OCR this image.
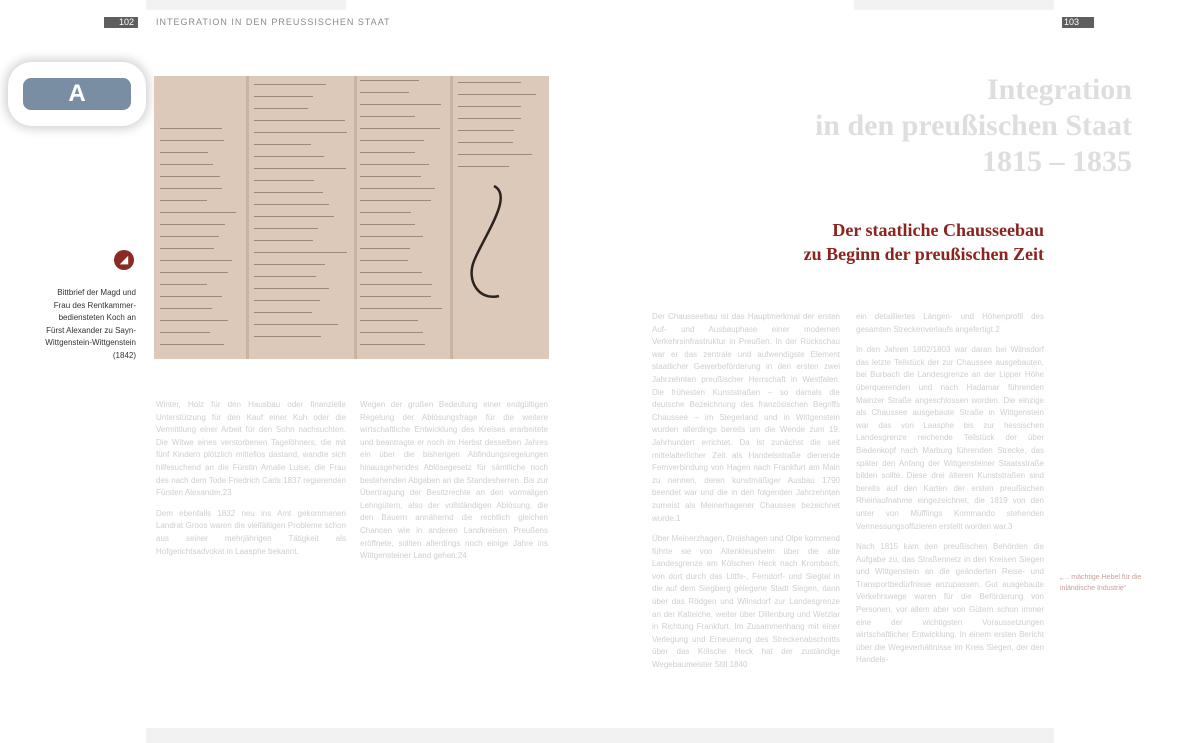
102	103
INTEGRATION IN DEN PREUSSISCHEN STAAT
A
◢
Bittbrief der Magd und Frau des Rentkammer-bediensteten Koch an Fürst Alexander zu Sayn-Wittgenstein-Wittgenstein (1842)
Integration
in den preußischen Staat
1815 – 1835
Der staatliche Chausseebau
zu Beginn der preußischen Zeit

Winter, Holz für den Hausbau oder finanzielle Unterstützung für den Kauf einer Kuh oder die Vermittlung einer Arbeit für den Sohn nachsuchten. Die Witwe eines verstorbenen Tagelöhners, die mit fünf Kindern plötzlich mittellos dastand, wandte sich hilfesuchend an die Fürstin Amalie Luise, die Frau des nach dem Tode Friedrich Carls 1837 regierenden Fürsten Alexander.23

Dem ebenfalls 1832 neu ins Amt gekommenen Landrat Groos waren die vielfältigen Probleme schon aus seiner mehrjährigen Tätigkeit als Hofgerichtsadvokat in Laasphe bekannt.

Wegen der großen Bedeutung einer endgültigen Regelung der Ablösungsfrage für die weitere wirtschaftliche Entwicklung des Kreises erarbeitete und beantragte er noch im Herbst desselben Jahres ein über die bisherigen Abfindungsregelungen hinausgehendes Ablösegesetz für sämtliche noch bestehenden Abgaben an die Standesherren. Bis zur Übertragung der Besitzrechte an den vormaligen Lehngütern, also der vollständigen Ablösung, die den Bauern annähernd die rechtlich gleichen Chancen wie in anderen Landkreisen Preußens eröffnete, sollten allerdings noch einige Jahre ins Wittgensteiner Land gehen.24

Der Chausseebau ist das Hauptmerkmal der ersten Auf- und Ausbauphase einer modernen Verkehrsinfrastruktur in Preußen. In der Rückschau war er das zentrale und aufwendigste Element staatlicher Gewerbeförderung in den ersten zwei Jahrzehnten preußischer Herrschaft in Westfalen. Die frühesten Kunststraßen – so damals die deutsche Bezeichnung des französischen Begriffs Chaussee – im Siegerland und in Wittgenstein wurden allerdings bereits um die Wende zum 19. Jahrhundert errichtet. Da ist zunächst die seit mittelalterlicher Zeit als Handelsstraße dienende Fernverbindung von Hagen nach Frankfurt am Main zu nennen, deren kunstmäßiger Ausbau 1790 beendet war und die in den folgenden Jahrzehnten zumeist als Meinerhagener Chaussee bezeichnet wurde.1

Über Meinerzhagen, Drolshagen und Olpe kommend führte sie von Altenkleusheim über die alte Landesgrenze am Kölschen Heck nach Krombach, von dort durch das Littfe-, Ferndorf- und Siegtal in die auf dem Siegberg gelegene Stadt Siegen, dann über das Rödgen und Wilnsdorf zur Landesgrenze an der Kalteiche, weiter über Dillenburg und Wetzlar in Richtung Frankfurt. Im Zusammenhang mit einer Verlegung und Erneuerung des Streckenabschnitts über das Kölsche Heck hat der zuständige Wegebaumeister Still 1840

ein detailliertes Längen- und Höhenprofil des gesamten Streckenverlaufs angefertigt.2

In den Jahren 1802/1803 war daran bei Wilnsdorf das letzte Teilstück der zur Chaussee ausgebauten, bei Burbach die Landesgrenze an der Lipper Höhe überquerenden und nach Hadamar führenden Mainzer Straße angeschlossen worden. Die einzige als Chaussee ausgebaute Straße in Wittgenstein war das von Laasphe bis zur hessischen Landesgrenze reichende Teilstück der über Biedenkopf nach Marburg führenden Strecke, das später den Anfang der Wittgensteiner Staatsstraße bilden sollte. Diese drei älteren Kunststraßen sind bereits auf den Karten der ersten preußischen Rheinaufnahme eingezeichnet, die 1819 von den unter von Müfflings Kommando stehenden Vermessungsoffizieren erstellt worden war.3

Nach 1815 kam den preußischen Behörden die Aufgabe zu, das Straßennetz in den Kreisen Siegen und Wittgenstein an die geänderten Reise- und Transportbedürfnisse anzupassen. Gut ausgebaute Verkehrswege waren für die Beförderung von Personen, vor allem aber von Gütern schon immer eine der wichtigsten Voraussetzungen wirtschaftlicher Entwicklung. In einem ersten Bericht über die Wegeverhältnisse im Kreis Siegen, der den Handels-

„… mächtige Hebel für die inländische Industrie“
